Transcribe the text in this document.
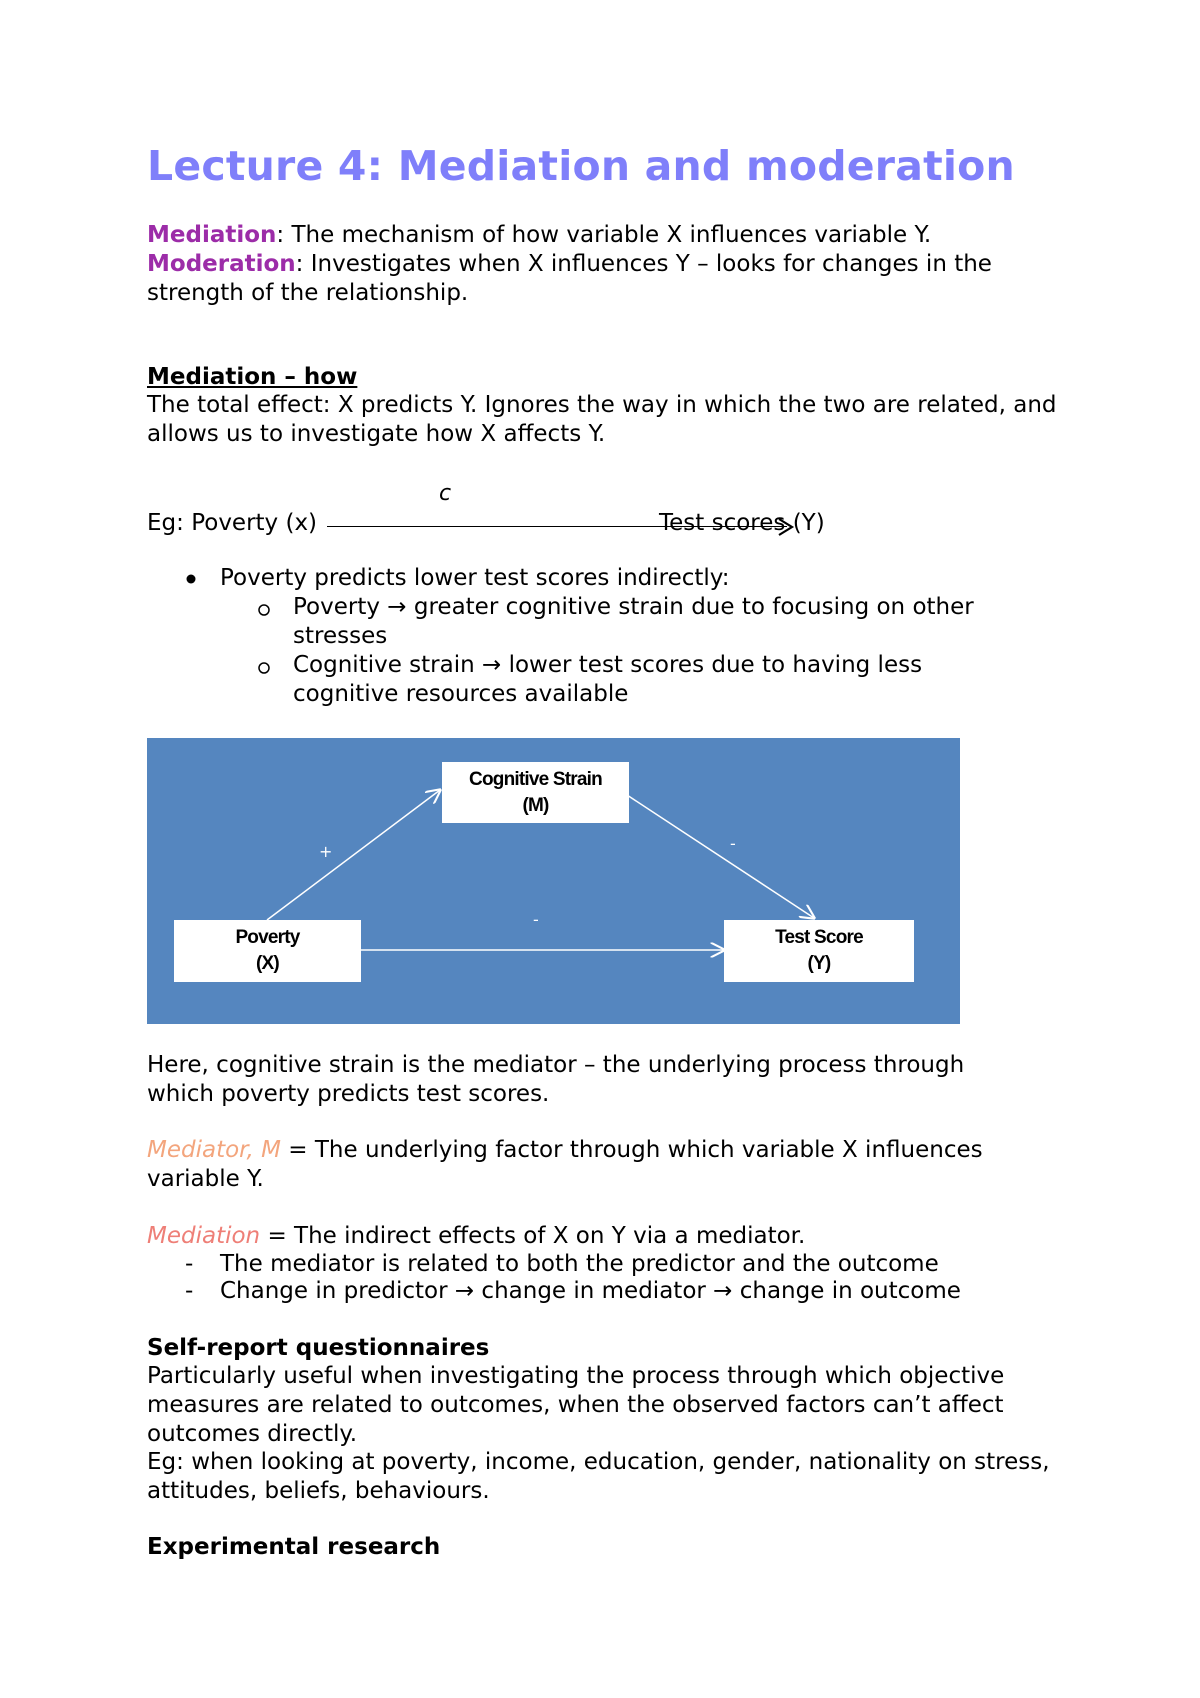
Lecture 4: Mediation and moderation

Mediation: The mechanism of how variable X influences variable Y.

Moderation: Investigates when X influences Y – looks for changes in the strength of the relationship.

Mediation – how

The total effect: X predicts Y. Ignores the way in which the two are related, and allows us to investigate how X affects Y.

c

Eg: Poverty (x)	Test scores (Y)

Poverty predicts lower test scores indirectly:

Poverty → greater cognitive strain due to focusing on other stresses

Cognitive strain → lower test scores due to having less cognitive resources available

Cognitive Strain
(M)
Poverty
(X)
Test Score
(Y)
+	-
-

Here, cognitive strain is the mediator – the underlying process through which poverty predicts test scores.

Mediator, M = The underlying factor through which variable X influences variable Y.

Mediation = The indirect effects of X on Y via a mediator.

- The mediator is related to both the predictor and the outcome

- Change in predictor → change in mediator → change in outcome

Self-report questionnaires

Particularly useful when investigating the process through which objective measures are related to outcomes, when the observed factors can’t affect outcomes directly.

Eg: when looking at poverty, income, education, gender, nationality on stress, attitudes, beliefs, behaviours.

Experimental research
